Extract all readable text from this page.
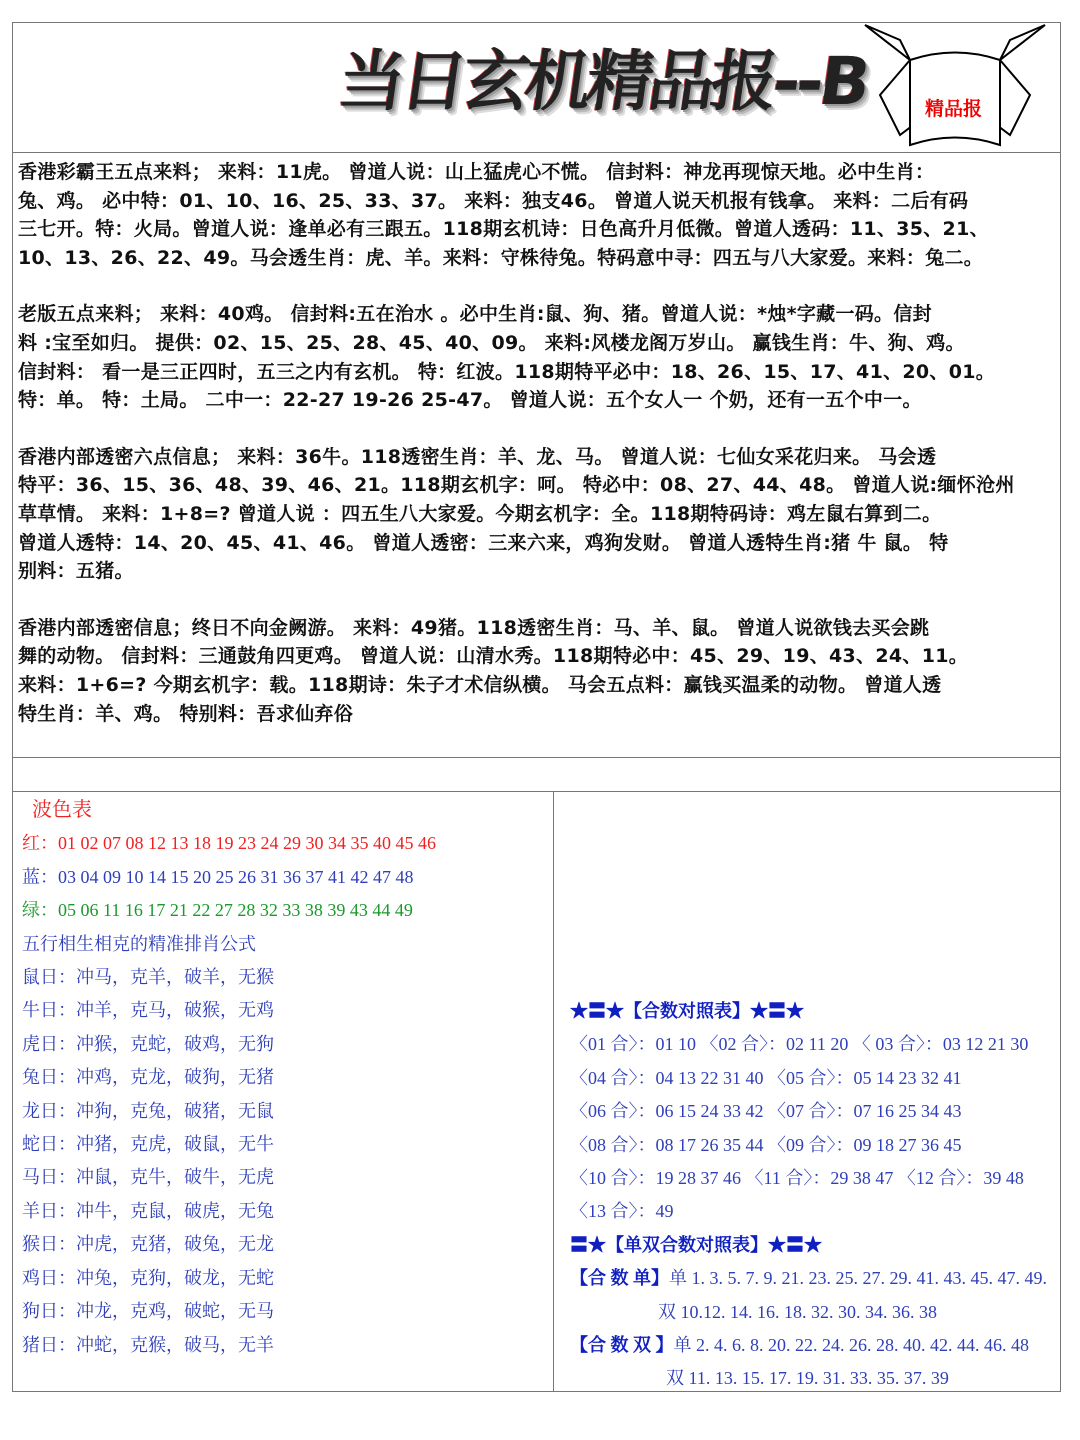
当日玄机精品报--B	精品报
香港彩霸王五点来料； 来料：11虎。 曾道人说：山上猛虎心不慌。 信封料：神龙再现惊天地。必中生肖：
兔、鸡。 必中特：01、10、16、25、33、37。 来料：独支46。 曾道人说天机报有钱拿。 来料：二后有码
三七开。特：火局。曾道人说：逢单必有三跟五。118期玄机诗：日色高升月低微。曾道人透码：11、35、21、
10、13、26、22、49。马会透生肖：虎、羊。来料：守株待兔。特码意中寻：四五与八大家爱。来料：兔二。
老版五点来料； 来料：40鸡。 信封料:五在治水 。必中生肖:鼠、狗、猪。曾道人说：*烛*字藏一码。信封
料 :宝至如归。 提供：02、15、25、28、45、40、09。 来料:风楼龙阁万岁山。 赢钱生肖：牛、狗、鸡。
信封料： 看一是三正四时，五三之内有玄机。 特：红波。118期特平必中：18、26、15、17、41、20、01。
特：单。 特：土局。 二中一：22-27 19-26 25-47。 曾道人说：五个女人一 个奶，还有一五个中一。
香港内部透密六点信息； 来料：36牛。118透密生肖：羊、龙、马。 曾道人说：七仙女采花归来。 马会透
特平：36、15、36、48、39、46、21。118期玄机字：呵。 特必中：08、27、44、48。 曾道人说:缅怀沧州
草草情。 来料：1+8=? 曾道人说 ：四五生八大家爱。今期玄机字：全。118期特码诗：鸡左鼠右算到二。
曾道人透特：14、20、45、41、46。 曾道人透密：三来六来，鸡狗发财。 曾道人透特生肖:猪 牛 鼠。 特
别料：五猪。
香港内部透密信息；终日不向金阙游。 来料：49猪。118透密生肖：马、羊、鼠。 曾道人说欲钱去买会跳
舞的动物。 信封料：三通鼓角四更鸡。 曾道人说：山清水秀。118期特必中：45、29、19、43、24、11。
来料：1+6=? 今期玄机字：载。118期诗：朱子才术信纵横。 马会五点料：赢钱买温柔的动物。 曾道人透
特生肖：羊、鸡。 特别料：吾求仙弃俗
波色表
红：01 02 07 08 12 13 18 19 23 24 29 30 34 35 40 45 46
蓝：03 04 09 10 14 15 20 25 26 31 36 37 41 42 47 48
绿：05 06 11 16 17 21 22 27 28 32 33 38 39 43 44 49
五行相生相克的精准排肖公式
鼠日：冲马，克羊，破羊，无猴
牛日：冲羊，克马，破猴，无鸡
虎日：冲猴，克蛇，破鸡，无狗
兔日：冲鸡，克龙，破狗，无猪
龙日：冲狗，克兔，破猪，无鼠
蛇日：冲猪，克虎，破鼠，无牛
马日：冲鼠，克牛，破牛，无虎
羊日：冲牛，克鼠，破虎，无兔
猴日：冲虎，克猪，破兔，无龙
鸡日：冲兔，克狗，破龙，无蛇
狗日：冲龙，克鸡，破蛇，无马
猪日：冲蛇，克猴，破马，无羊
★〓★【合数对照表】★〓★
〈01 合〉：01 10 〈02 合〉：02 11 20 〈 03 合〉：03 12 21 30
〈04 合〉：04 13 22 31 40 〈05 合〉：05 14 23 32 41
〈06 合〉：06 15 24 33 42 〈07 合〉：07 16 25 34 43
〈08 合〉：08 17 26 35 44 〈09 合〉：09 18 27 36 45
〈10 合〉：19 28 37 46 〈11 合〉：29 38 47 〈12 合〉：39 48
〈13 合〉：49
〓★【单双合数对照表】★〓★
【合 数 单】单 1. 3. 5. 7. 9. 21. 23. 25. 27. 29. 41. 43. 45. 47. 49.
双 10.12. 14. 16. 18. 32. 30. 34. 36. 38
【合 数 双 】单 2. 4. 6. 8. 20. 22. 24. 26. 28. 40. 42. 44. 46. 48
双 11. 13. 15. 17. 19. 31. 33. 35. 37. 39
